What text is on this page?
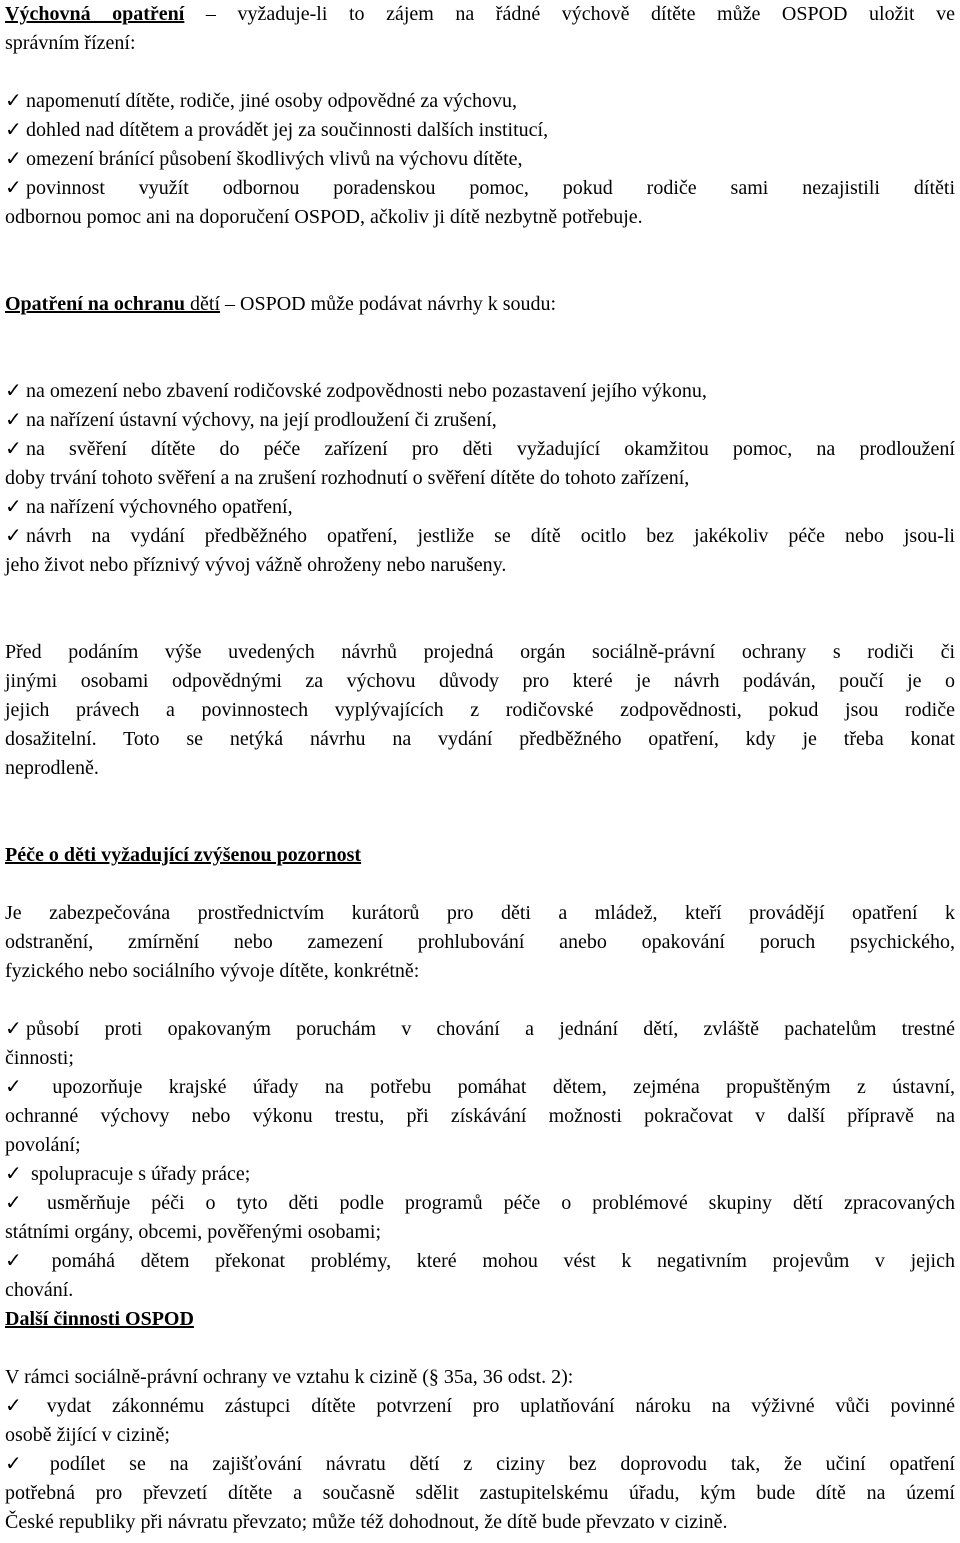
Výchovná opatření – vyžaduje-li to zájem na řádné výchově dítěte může OSPOD uložit ve
správním řízení:
✓ napomenutí dítěte, rodiče, jiné osoby odpovědné za výchovu,
✓ dohled nad dítětem a provádět jej za součinnosti dalších institucí,
✓ omezení bránící působení škodlivých vlivů na výchovu dítěte,
✓ povinnost využít odbornou poradenskou pomoc, pokud rodiče sami nezajistili dítěti
odbornou pomoc ani na doporučení OSPOD, ačkoliv ji dítě nezbytně potřebuje.
Opatření na ochranu dětí – OSPOD může podávat návrhy k soudu:
✓ na omezení nebo zbavení rodičovské zodpovědnosti nebo pozastavení jejího výkonu,
✓ na nařízení ústavní výchovy, na její prodloužení či zrušení,
✓ na svěření dítěte do péče zařízení pro děti vyžadující okamžitou pomoc, na prodloužení
doby trvání tohoto svěření a na zrušení rozhodnutí o svěření dítěte do tohoto zařízení,
✓ na nařízení výchovného opatření,
✓ návrh na vydání předběžného opatření, jestliže se dítě ocitlo bez jakékoliv péče nebo jsou-li
jeho život nebo příznivý vývoj vážně ohroženy nebo narušeny.
Před podáním výše uvedených návrhů projedná orgán sociálně-právní ochrany s rodiči či
jinými osobami odpovědnými za výchovu důvody pro které je návrh podáván, poučí je o
jejich právech a povinnostech vyplývajících z rodičovské zodpovědnosti, pokud jsou rodiče
dosažitelní. Toto se netýká návrhu na vydání předběžného opatření, kdy je třeba konat
neprodleně.
Péče o děti vyžadující zvýšenou pozornost
Je zabezpečována prostřednictvím kurátorů pro děti a mládež, kteří provádějí opatření k
odstranění, zmírnění nebo zamezení prohlubování anebo opakování poruch psychického,
fyzického nebo sociálního vývoje dítěte, konkrétně:
✓ působí proti opakovaným poruchám v chování a jednání dětí, zvláště pachatelům trestné
činnosti;
✓ upozorňuje krajské úřady na potřebu pomáhat dětem, zejména propuštěným z ústavní,
ochranné výchovy nebo výkonu trestu, při získávání možnosti pokračovat v další přípravě na
povolání;
✓ spolupracuje s úřady práce;
✓ usměrňuje péči o tyto děti podle programů péče o problémové skupiny dětí zpracovaných
státními orgány, obcemi, pověřenými osobami;
✓ pomáhá dětem překonat problémy, které mohou vést k negativním projevům v jejich
chování.
Další činnosti OSPOD
V rámci sociálně-právní ochrany ve vztahu k cizině (§ 35a, 36 odst. 2):
✓ vydat zákonnému zástupci dítěte potvrzení pro uplatňování nároku na výživné vůči povinné
osobě žijící v cizině;
✓ podílet se na zajišťování návratu dětí z ciziny bez doprovodu tak, že učiní opatření
potřebná pro převzetí dítěte a současně sdělit zastupitelskému úřadu, kým bude dítě na území
České republiky při návratu převzato; může též dohodnout, že dítě bude převzato v cizině.
